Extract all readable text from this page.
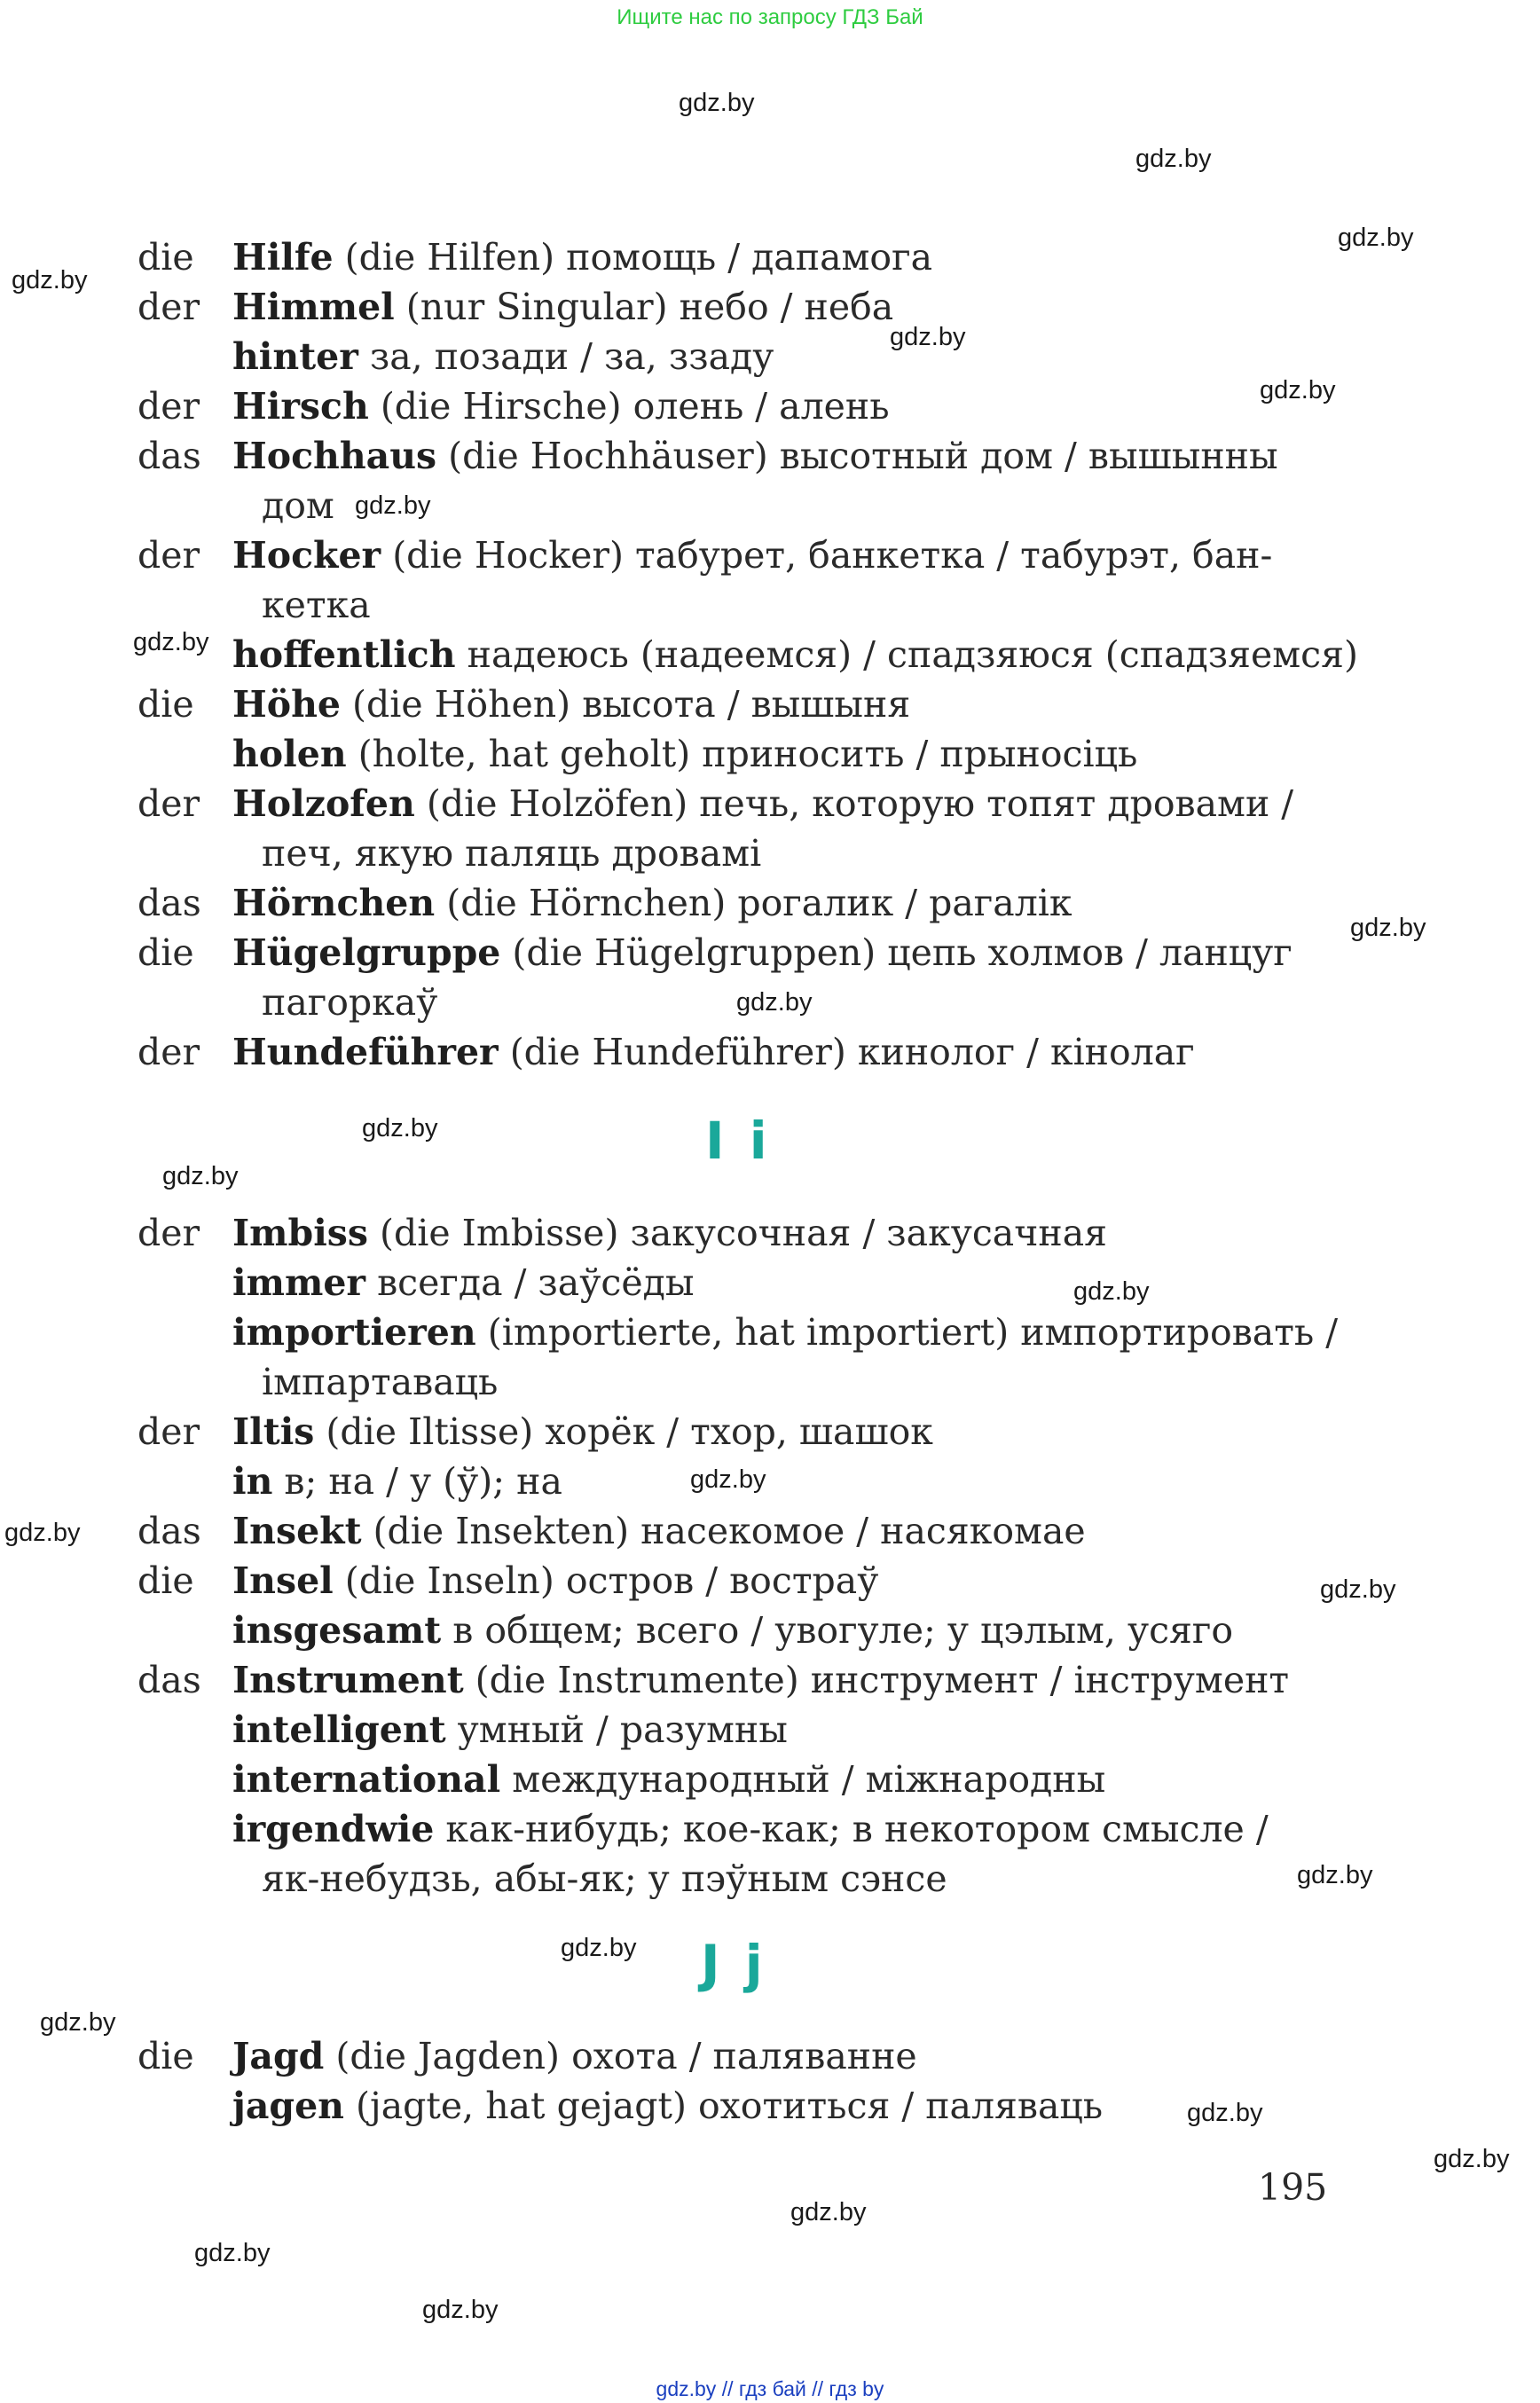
Ищите нас по запросу ГДЗ Бай
die Hilfe (die Hilfen) помощь / дапамога
der Himmel (nur Singular) небо / неба
hinter за, позади / за, ззаду
der Hirsch (die Hirsche) олень / алень
das Hochhaus (die Hochhäuser) высотный дом / вышынны
дом
der Hocker (die Hocker) табурет, банкетка / табурэт, бан-
кетка
hoffentlich надеюсь (надеемся) / спадзяюся (спадзяемся)
die Höhe (die Höhen) высота / вышыня
holen (holte, hat geholt) приносить / прыносіць
der Holzofen (die Holzöfen) печь, которую топят дровами /
печ, якую паляць дровамі
das Hörnchen (die Hörnchen) рогалик / рагалік
die Hügelgruppe (die Hügelgruppen) цепь холмов / ланцуг
пагоркаў
der Hundeführer (die Hundeführer) кинолог / кінолаг
I i
der Imbiss (die Imbisse) закусочная / закусачная
immer всегда / заўсёды
importieren (importierte, hat importiert) импортировать /
імпартаваць
der Iltis (die Iltisse) хорёк / тхор, шашок
in в; на / у (ў); на
das Insekt (die Insekten) насекомое / насякомае
die Insel (die Inseln) остров / востраў
insgesamt в общем; всего / увогуле; у цэлым, усяго
das Instrument (die Instrumente) инструмент / інструмент
intelligent умный / разумны
international международный / міжнародны
irgendwie как-нибудь; кое-как; в некотором смысле /
як-небудзь, абы-як; у пэўным сэнсе
J j
die Jagd (die Jagden) охота / паляванне
jagen (jagte, hat gejagt) охотиться / паляваць
195
gdz.by
gdz.by
gdz.by
gdz.by
gdz.by
gdz.by
gdz.by
gdz.by
gdz.by
gdz.by
gdz.by
gdz.by
gdz.by
gdz.by
gdz.by
gdz.by
gdz.by
gdz.by
gdz.by
gdz.by
gdz.by
gdz.by
gdz.by
gdz.by
gdz.by // гдз бай // гдз by
